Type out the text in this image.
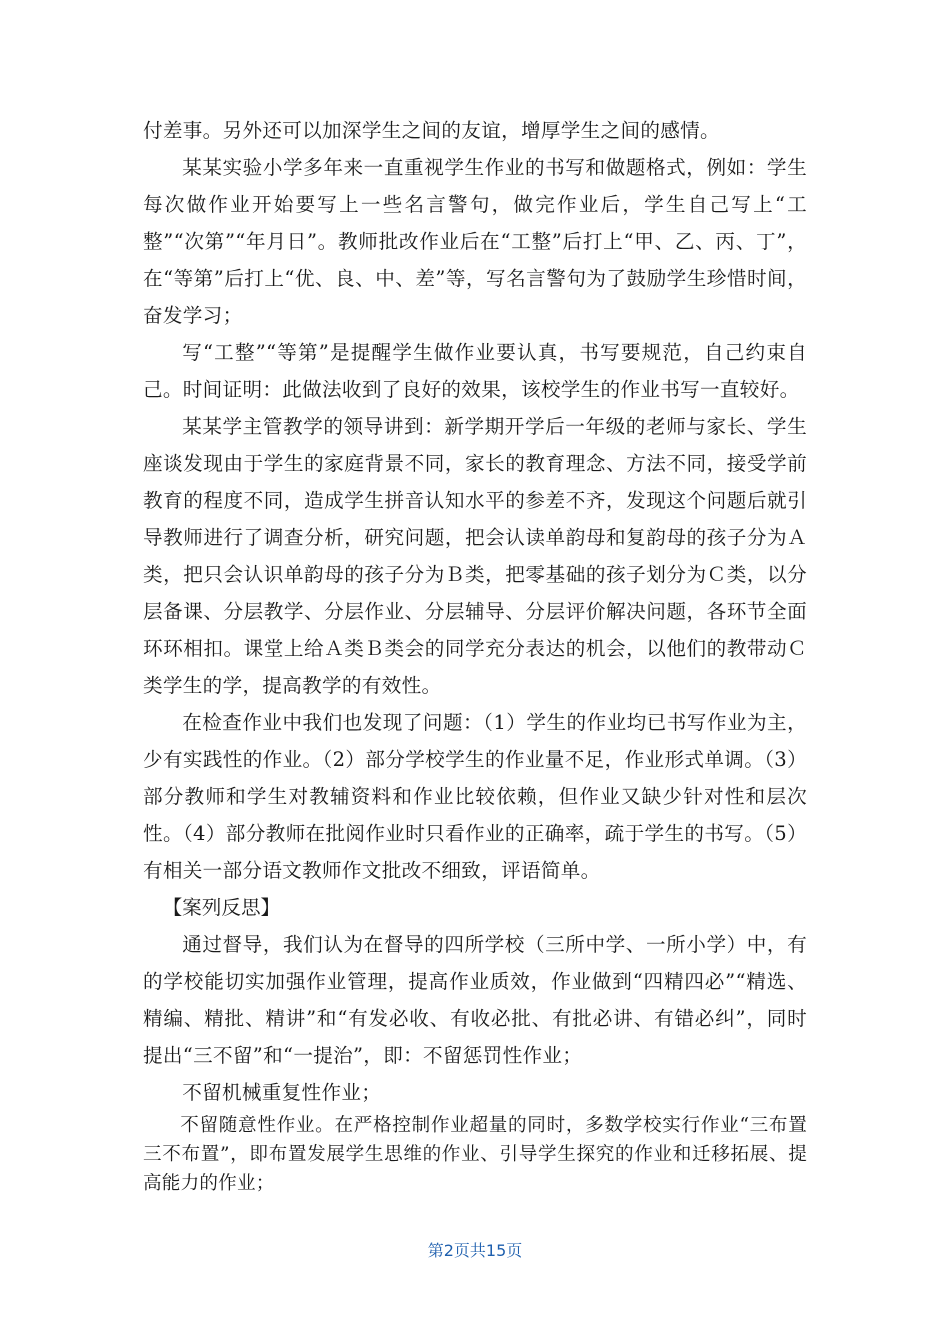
付差事。另外还可以加深学生之间的友谊，增厚学生之间的感情。

某某实验小学多年来一直重视学生作业的书写和做题格式，例如：学生每次做作业开始要写上一些名言警句，做完作业后，学生自己写上“工整”“次第”“年月日”。教师批改作业后在“工整”后打上“甲、乙、丙、丁”，在“等第”后打上“优、良、中、差”等，写名言警句为了鼓励学生珍惜时间，奋发学习；

写“工整”“等第”是提醒学生做作业要认真，书写要规范，自己约束自己。时间证明：此做法收到了良好的效果，该校学生的作业书写一直较好。

某某学主管教学的领导讲到：新学期开学后一年级的老师与家长、学生座谈发现由于学生的家庭背景不同，家长的教育理念、方法不同，接受学前教育的程度不同，造成学生拼音认知水平的参差不齐，发现这个问题后就引导教师进行了调查分析，研究问题，把会认读单韵母和复韵母的孩子分为Ａ类，把只会认识单韵母的孩子分为Ｂ类，把零基础的孩子划分为Ｃ类，以分层备课、分层教学、分层作业、分层辅导、分层评价解决问题，各环节全面环环相扣。课堂上给Ａ类Ｂ类会的同学充分表达的机会，以他们的教带动Ｃ类学生的学，提高教学的有效性。

在检查作业中我们也发现了问题：（1）学生的作业均已书写作业为主，少有实践性的作业。（2）部分学校学生的作业量不足，作业形式单调。（3）部分教师和学生对教辅资料和作业比较依赖，但作业又缺少针对性和层次性。（4）部分教师在批阅作业时只看作业的正确率，疏于学生的书写。（5）有相关一部分语文教师作文批改不细致，评语简单。

【案列反思】

通过督导，我们认为在督导的四所学校（三所中学、一所小学）中，有的学校能切实加强作业管理，提高作业质效，作业做到“四精四必”“精选、精编、精批、精讲”和“有发必收、有收必批、有批必讲、有错必纠”，同时提出“三不留”和“一提治”，即：不留惩罚性作业；

不留机械重复性作业；

不留随意性作业。在严格控制作业超量的同时，多数学校实行作业“三布置三不布置”，即布置发展学生思维的作业、引导学生探究的作业和迁移拓展、提高能力的作业；

第2页共15页
